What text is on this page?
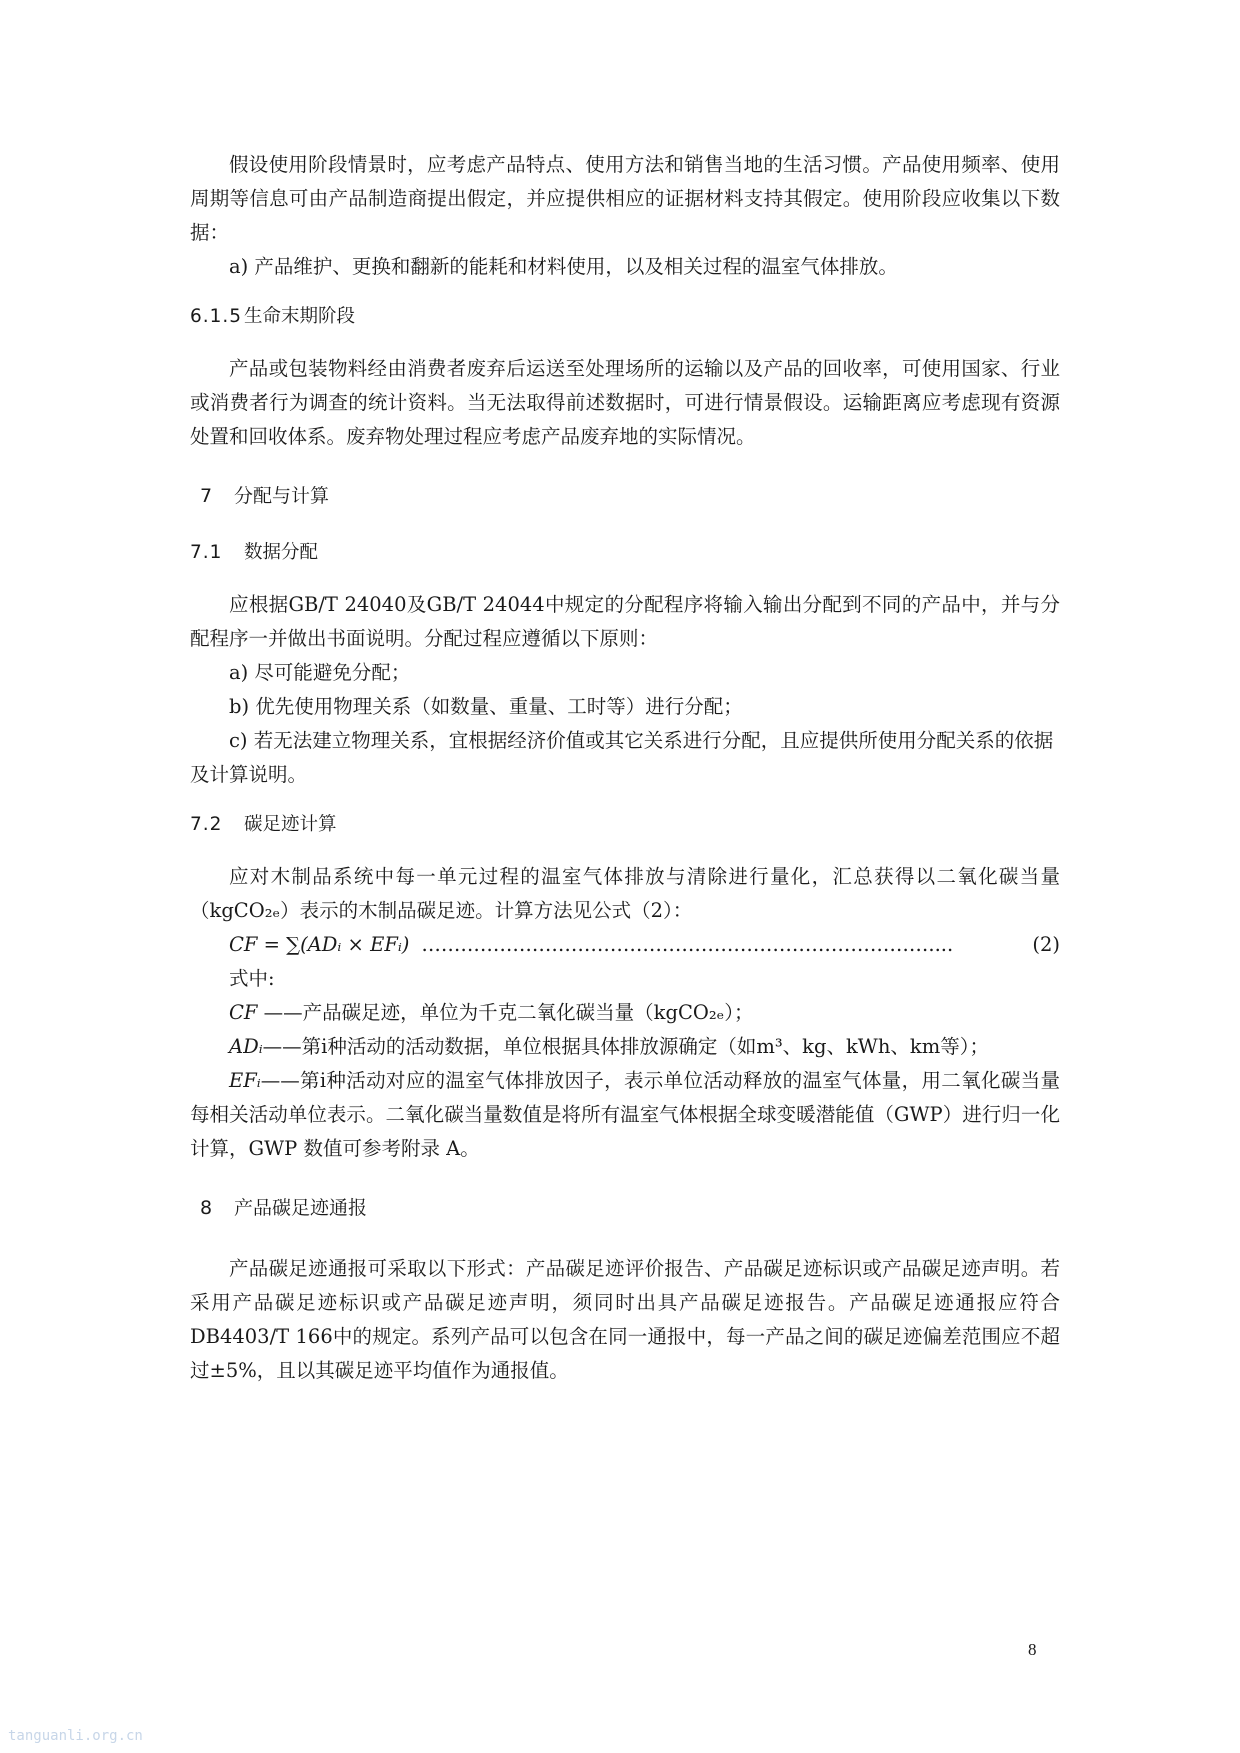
假设使用阶段情景时，应考虑产品特点、使用方法和销售当地的生活习惯。产品使用频率、使用周期等信息可由产品制造商提出假定，并应提供相应的证据材料支持其假定。使用阶段应收集以下数据：

a) 产品维护、更换和翻新的能耗和材料使用，以及相关过程的温室气体排放。

6.1.5 生命末期阶段

产品或包装物料经由消费者废弃后运送至处理场所的运输以及产品的回收率，可使用国家、行业或消费者行为调查的统计资料。当无法取得前述数据时，可进行情景假设。运输距离应考虑现有资源处置和回收体系。废弃物处理过程应考虑产品废弃地的实际情况。

7 分配与计算
7.1 数据分配

应根据GB/T 24040及GB/T 24044中规定的分配程序将输入输出分配到不同的产品中，并与分配程序一并做出书面说明。分配过程应遵循以下原则：

a) 尽可能避免分配；

b) 优先使用物理关系（如数量、重量、工时等）进行分配；

c) 若无法建立物理关系，宜根据经济价值或其它关系进行分配，且应提供所使用分配关系的依据及计算说明。

7.2 碳足迹计算

应对木制品系统中每一单元过程的温室气体排放与清除进行量化，汇总获得以二氧化碳当量（kgCO₂ₑ）表示的木制品碳足迹。计算方法见公式（2）：

CF = ∑(ADᵢ × EFᵢ) ……………………………………………………………………....	(2)

式中:

CF ——产品碳足迹，单位为千克二氧化碳当量（kgCO₂ₑ）；

ADᵢ——第i种活动的活动数据，单位根据具体排放源确定（如m³、kg、kWh、km等）；

EFᵢ——第i种活动对应的温室气体排放因子，表示单位活动释放的温室气体量，用二氧化碳当量每相关活动单位表示。二氧化碳当量数值是将所有温室气体根据全球变暖潜能值（GWP）进行归一化计算，GWP 数值可参考附录 A。

8 产品碳足迹通报

产品碳足迹通报可采取以下形式：产品碳足迹评价报告、产品碳足迹标识或产品碳足迹声明。若采用产品碳足迹标识或产品碳足迹声明，须同时出具产品碳足迹报告。产品碳足迹通报应符合DB4403/T 166中的规定。系列产品可以包含在同一通报中，每一产品之间的碳足迹偏差范围应不超过±5%，且以其碳足迹平均值作为通报值。

8
tanguanli.org.cn
